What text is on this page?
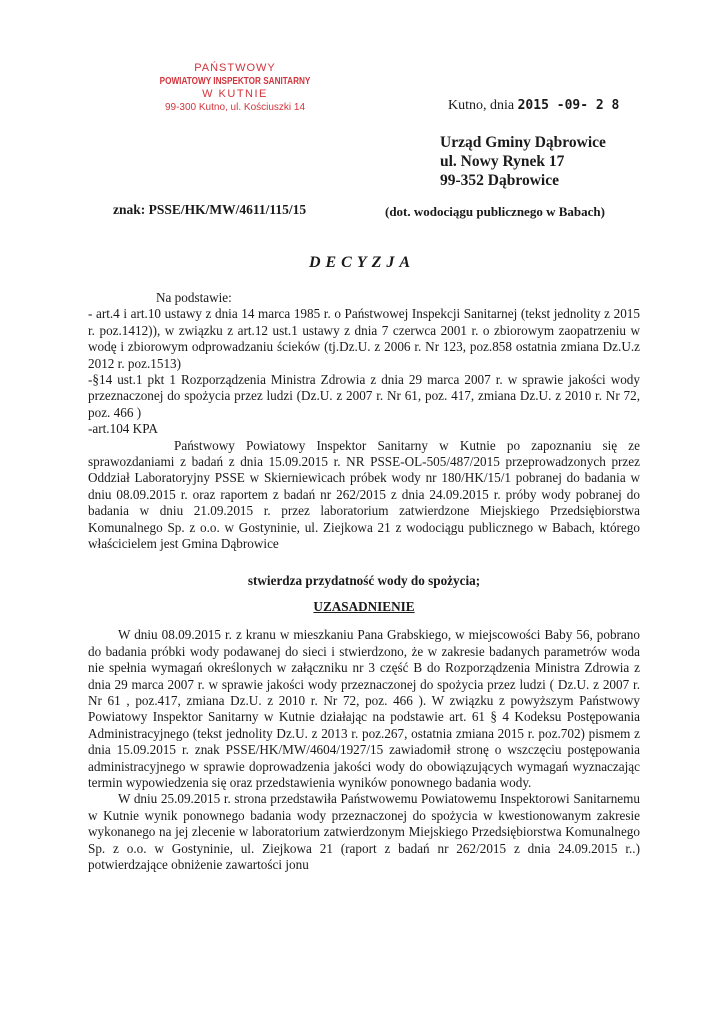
PAŃSTWOWY
POWIATOWY INSPEKTOR SANITARNY
W KUTNIE
99-300 Kutno, ul. Kościuszki 14	Kutno, dnia 2015 -09- 2 8
Urząd Gminy Dąbrowice
ul. Nowy Rynek 17
99-352 Dąbrowice
znak: PSSE/HK/MW/4611/115/15	(dot. wodociągu publicznego w Babach)
DECYZJA

Na podstawie:

- art.4 i art.10 ustawy z dnia 14 marca 1985 r. o Państwowej Inspekcji Sanitarnej (tekst jednolity z 2015 r. poz.1412)), w związku z art.12 ust.1 ustawy z dnia 7 czerwca 2001 r. o zbiorowym zaopatrzeniu w wodę i zbiorowym odprowadzaniu ścieków (tj.Dz.U. z 2006 r. Nr 123, poz.858 ostatnia zmiana Dz.U.z 2012 r. poz.1513)

-§14 ust.1 pkt 1 Rozporządzenia Ministra Zdrowia z dnia 29 marca 2007 r. w sprawie jakości wody przeznaczonej do spożycia przez ludzi (Dz.U. z 2007 r. Nr 61, poz. 417, zmiana Dz.U. z 2010 r. Nr 72, poz. 466 )

-art.104 KPA

Państwowy Powiatowy Inspektor Sanitarny w Kutnie po zapoznaniu się ze sprawozdaniami z badań z dnia 15.09.2015 r. NR PSSE-OL-505/487/2015 przeprowadzonych przez Oddział Laboratoryjny PSSE w Skierniewicach próbek wody nr 180/HK/15/1 pobranej do badania w dniu 08.09.2015 r. oraz raportem z badań nr 262/2015 z dnia 24.09.2015 r. próby wody pobranej do badania w dniu 21.09.2015 r. przez laboratorium zatwierdzone Miejskiego Przedsiębiorstwa Komunalnego Sp. z o.o. w Gostyninie, ul. Ziejkowa 21 z wodociągu publicznego w Babach, którego właścicielem jest Gmina Dąbrowice

stwierdza przydatność wody do spożycia;

UZASADNIENIE

W dniu 08.09.2015 r. z kranu w mieszkaniu Pana Grabskiego, w miejscowości Baby 56, pobrano do badania próbki wody podawanej do sieci i stwierdzono, że w zakresie badanych parametrów woda nie spełnia wymagań określonych w załączniku nr 3 część B do Rozporządzenia Ministra Zdrowia z dnia 29 marca 2007 r. w sprawie jakości wody przeznaczonej do spożycia przez ludzi ( Dz.U. z 2007 r. Nr 61 , poz.417, zmiana Dz.U. z 2010 r. Nr 72, poz. 466 ). W związku z powyższym Państwowy Powiatowy Inspektor Sanitarny w Kutnie działając na podstawie art. 61 § 4 Kodeksu Postępowania Administracyjnego (tekst jednolity Dz.U. z 2013 r. poz.267, ostatnia zmiana 2015 r. poz.702) pismem z dnia 15.09.2015 r. znak PSSE/HK/MW/4604/1927/15 zawiadomił stronę o wszczęciu postępowania administracyjnego w sprawie doprowadzenia jakości wody do obowiązujących wymagań wyznaczając termin wypowiedzenia się oraz przedstawienia wyników ponownego badania wody.

W dniu 25.09.2015 r. strona przedstawiła Państwowemu Powiatowemu Inspektorowi Sanitarnemu w Kutnie wynik ponownego badania wody przeznaczonej do spożycia w kwestionowanym zakresie wykonanego na jej zlecenie w laboratorium zatwierdzonym Miejskiego Przedsiębiorstwa Komunalnego Sp. z o.o. w Gostyninie, ul. Ziejkowa 21 (raport z badań nr 262/2015 z dnia 24.09.2015 r..) potwierdzające obniżenie zawartości jonu
